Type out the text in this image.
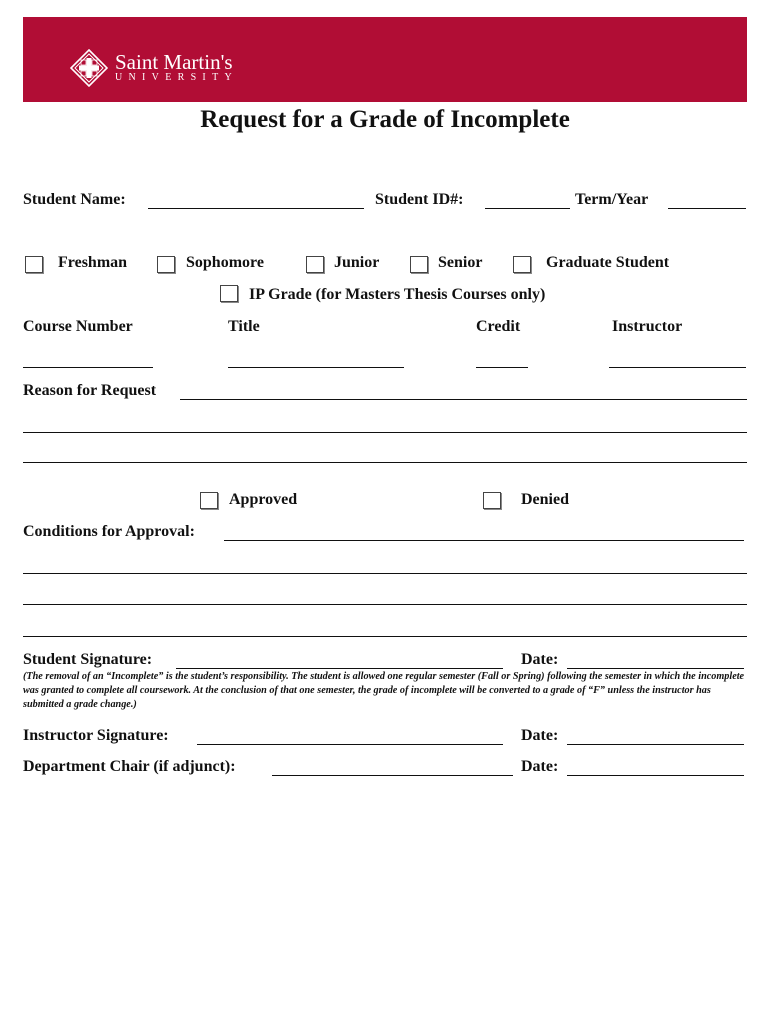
Saint Martin's
UNIVERSITY
Request for a Grade of Incomplete
Student Name:	Student ID#:	Term/Year
Freshman	Sophomore	Junior	Senior	Graduate Student
IP Grade (for Masters Thesis Courses only)
Course Number	Title	Credit	Instructor
Reason for Request
Approved	Denied
Conditions for Approval:
Student Signature:	Date:
(The removal of an “Incomplete” is the student’s responsibility. The student is allowed one regular semester (Fall or Spring) following the semester in which the incomplete was granted to complete all coursework. At the conclusion of that one semester, the grade of incomplete will be converted to a grade of “F” unless the instructor has submitted a grade change.)
Instructor Signature:	Date:
Department Chair (if adjunct):	Date:
